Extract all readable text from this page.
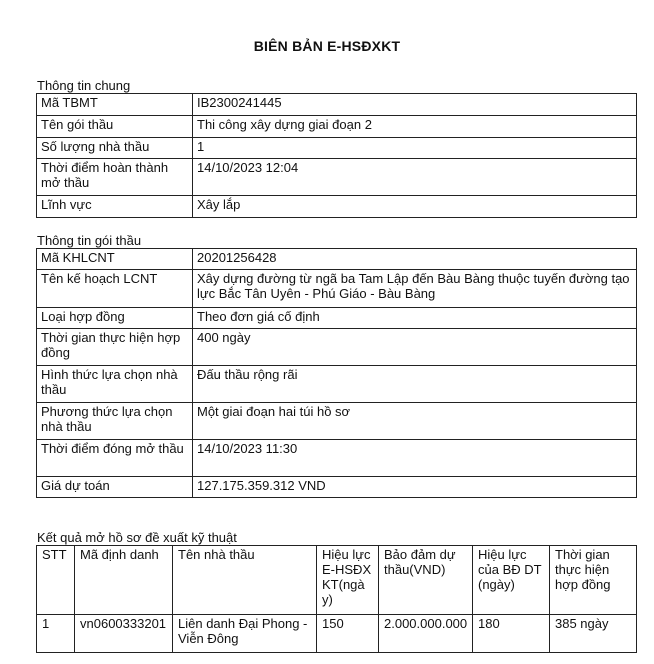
BIÊN BẢN E-HSĐXKT
Thông tin chung
Mã TBMT	IB2300241445
Tên gói thầu	Thi công xây dựng giai đoạn 2
Số lượng nhà thầu	1
Thời điểm hoàn thành mở thầu	14/10/2023 12:04
Lĩnh vực	Xây lắp
Thông tin gói thầu
Mã KHLCNT	20201256428
Tên kế hoạch LCNT	Xây dựng đường từ ngã ba Tam Lập đến Bàu Bàng thuộc tuyến đường tạo lực Bắc Tân Uyên - Phú Giáo - Bàu Bàng
Loại hợp đồng	Theo đơn giá cố định
Thời gian thực hiện hợp đồng	400 ngày
Hình thức lựa chọn nhà thầu	Đấu thầu rộng rãi
Phương thức lựa chọn nhà thầu	Một giai đoạn hai túi hồ sơ
Thời điểm đóng mở thầu	14/10/2023 11:30
Giá dự toán	127.175.359.312 VND
Kết quả mở hồ sơ đề xuất kỹ thuật
STT	Mã định danh	Tên nhà thầu	Hiệu lực E-HSĐXKT(ngày)	Bảo đảm dự thầu(VND)	Hiệu lực của BĐ DT (ngày)	Thời gian thực hiện hợp đồng
1	vn0600333201	Liên danh Đại Phong - Viễn Đông	150	2.000.000.000	180	385 ngày
